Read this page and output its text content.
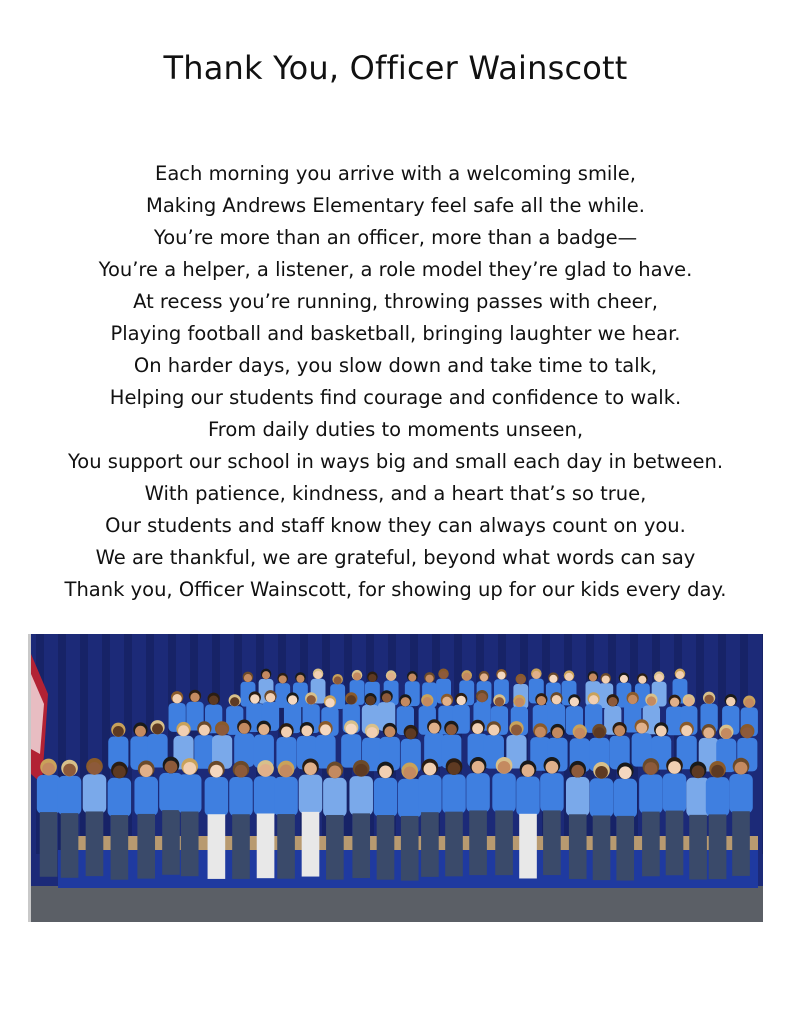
Thank You, Officer Wainscott
Each morning you arrive with a welcoming smile,
Making Andrews Elementary feel safe all the while.
You’re more than an officer, more than a badge—
You’re a helper, a listener, a role model they’re glad to have.
At recess you’re running, throwing passes with cheer,
Playing football and basketball, bringing laughter we hear.
On harder days, you slow down and take time to talk,
Helping our students find courage and confidence to walk.
From daily duties to moments unseen,
You support our school in ways big and small each day in between.
With patience, kindness, and a heart that’s so true,
Our students and staff know they can always count on you.
We are thankful, we are grateful, beyond what words can say
Thank you, Officer Wainscott, for showing up for our kids every day.
